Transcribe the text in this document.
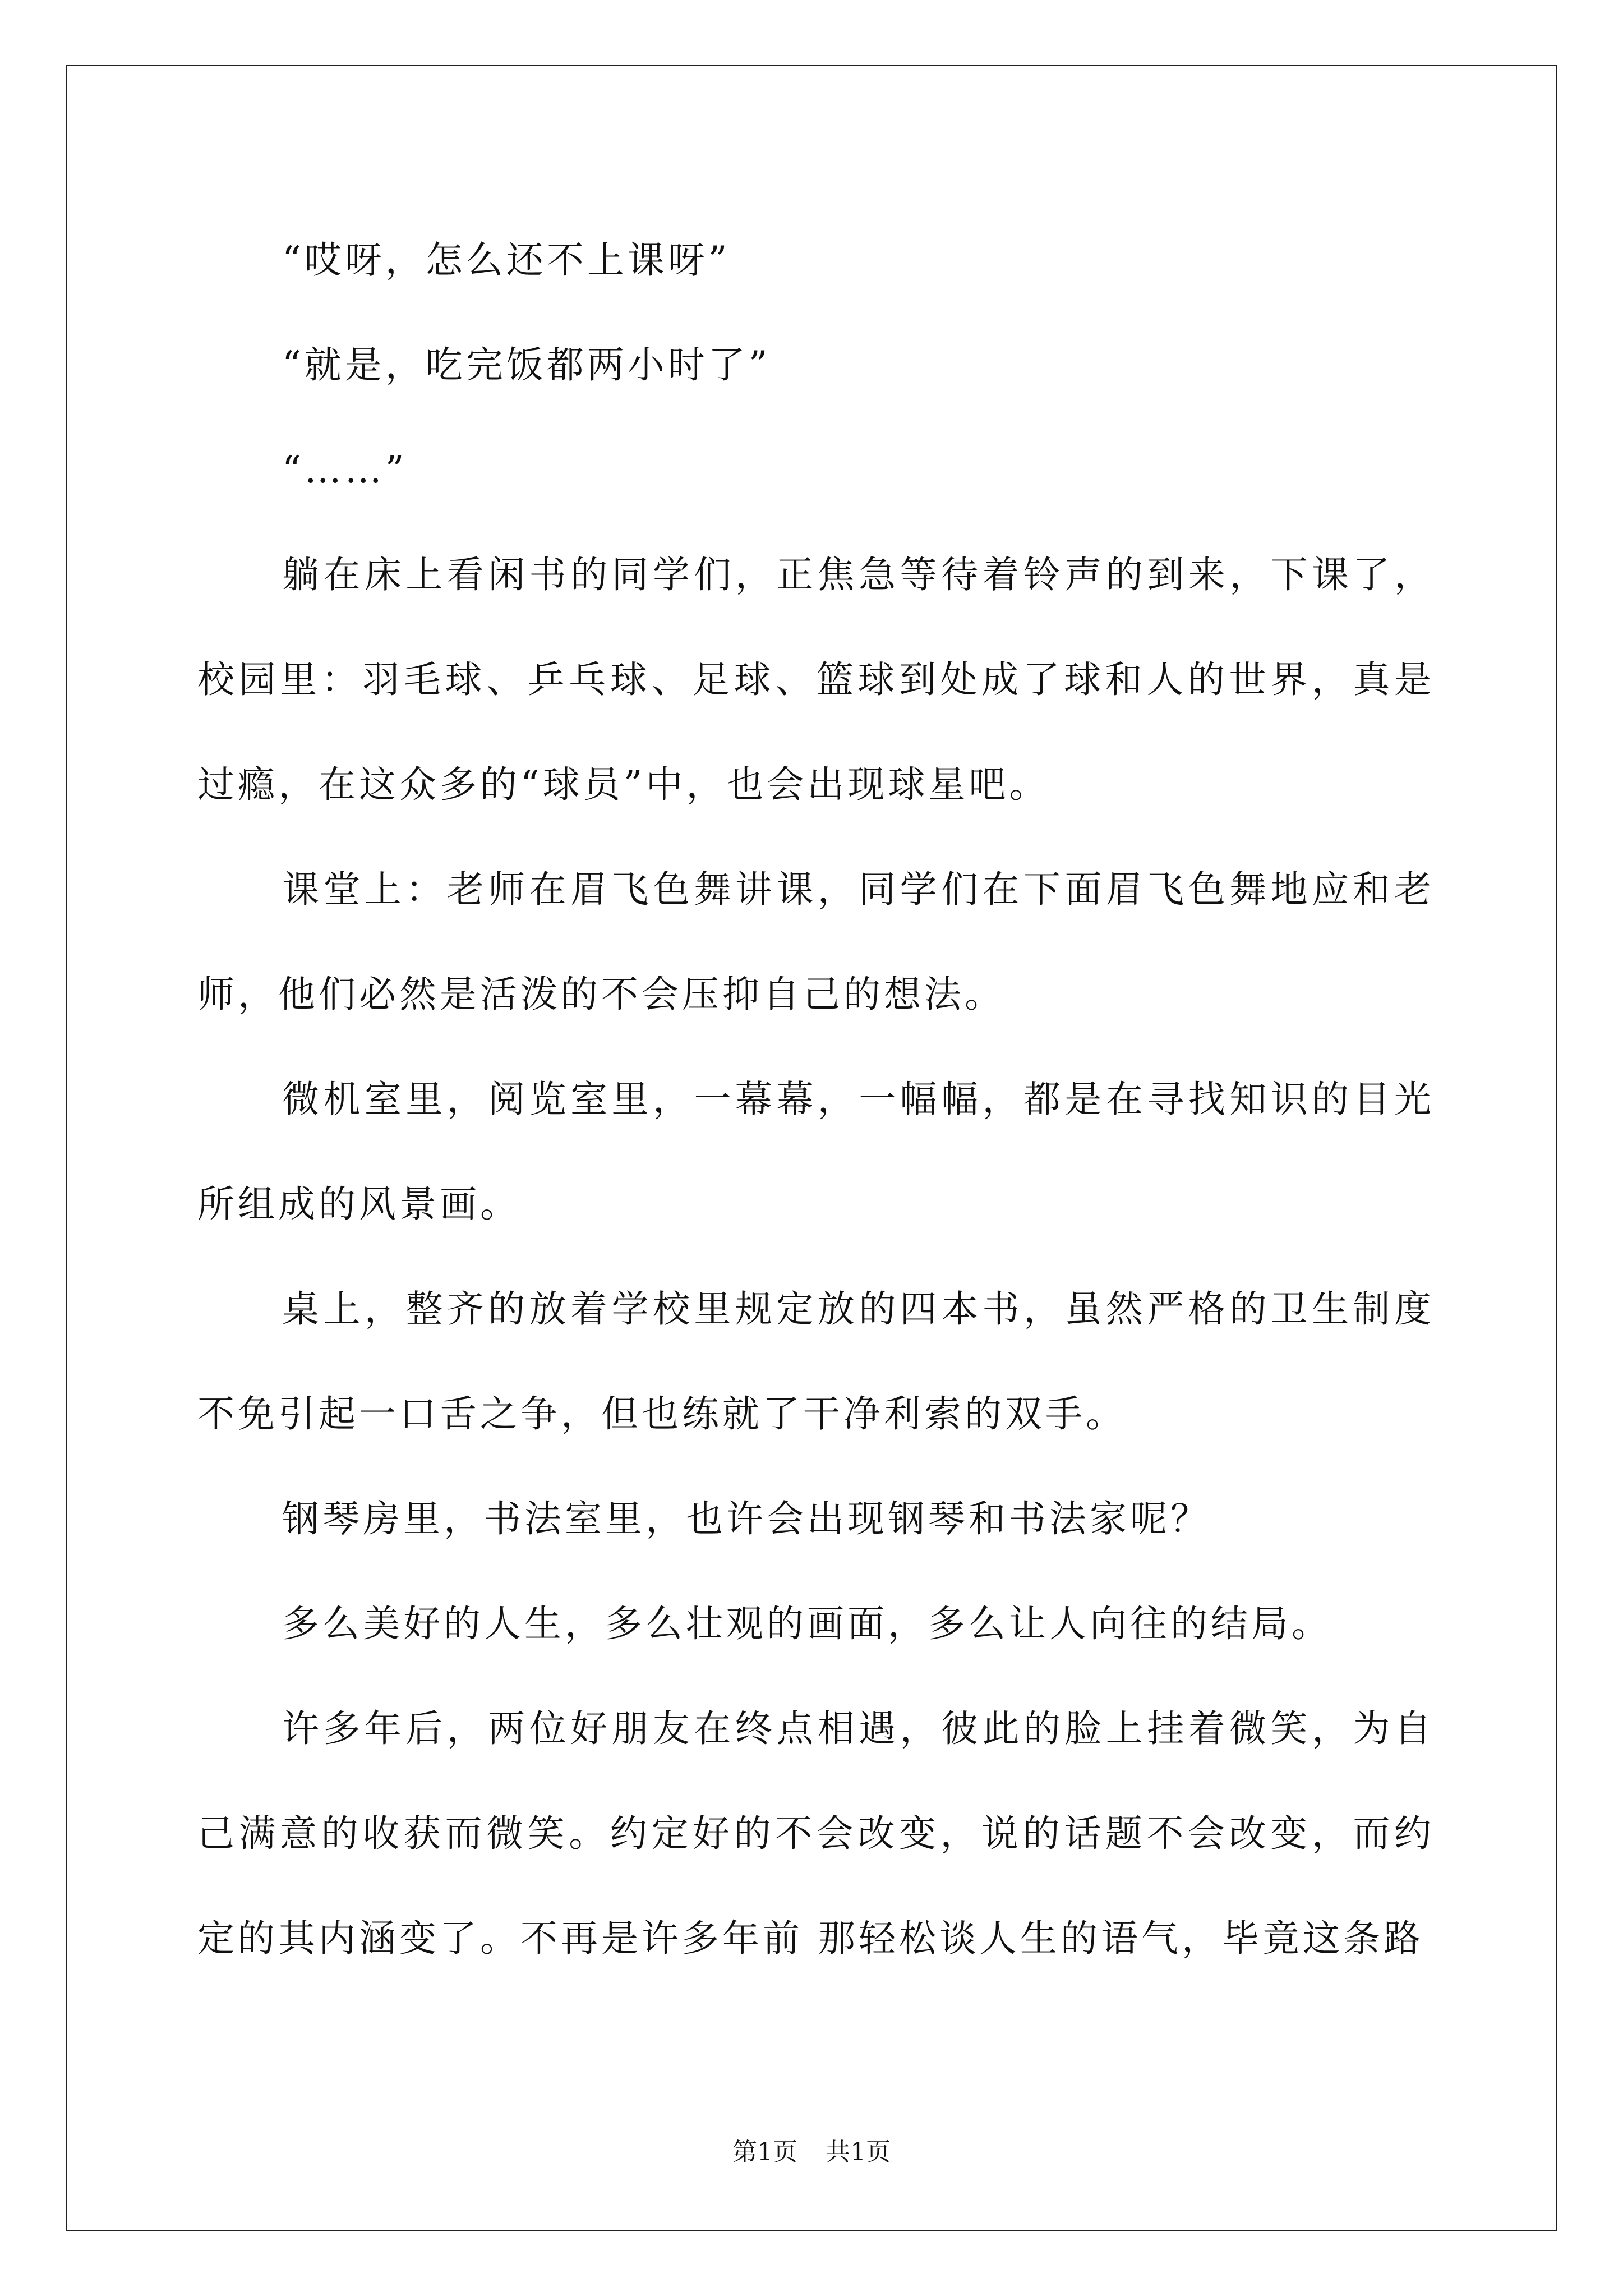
“哎呀，怎么还不上课呀”

“就是，吃完饭都两小时了”

“……”

躺在床上看闲书的同学们，正焦急等待着铃声的到来，下课了，校园里：羽毛球、乒乓球、足球、篮球到处成了球和人的世界，真是过瘾，在这众多的“球员”中，也会出现球星吧。

课堂上：老师在眉飞色舞讲课，同学们在下面眉飞色舞地应和老师，他们必然是活泼的不会压抑自己的想法。

微机室里，阅览室里，一幕幕，一幅幅，都是在寻找知识的目光所组成的风景画。

桌上，整齐的放着学校里规定放的四本书，虽然严格的卫生制度不免引起一口舌之争，但也练就了干净利索的双手。

钢琴房里，书法室里，也许会出现钢琴和书法家呢？

多么美好的人生，多么壮观的画面，多么让人向往的结局。

许多年后，两位好朋友在终点相遇，彼此的脸上挂着微笑，为自己满意的收获而微笑。约定好的不会改变，说的话题不会改变，而约定的其内涵变了。不再是许多年前 那轻松谈人生的语气，毕竟这条路

第1页 共1页
